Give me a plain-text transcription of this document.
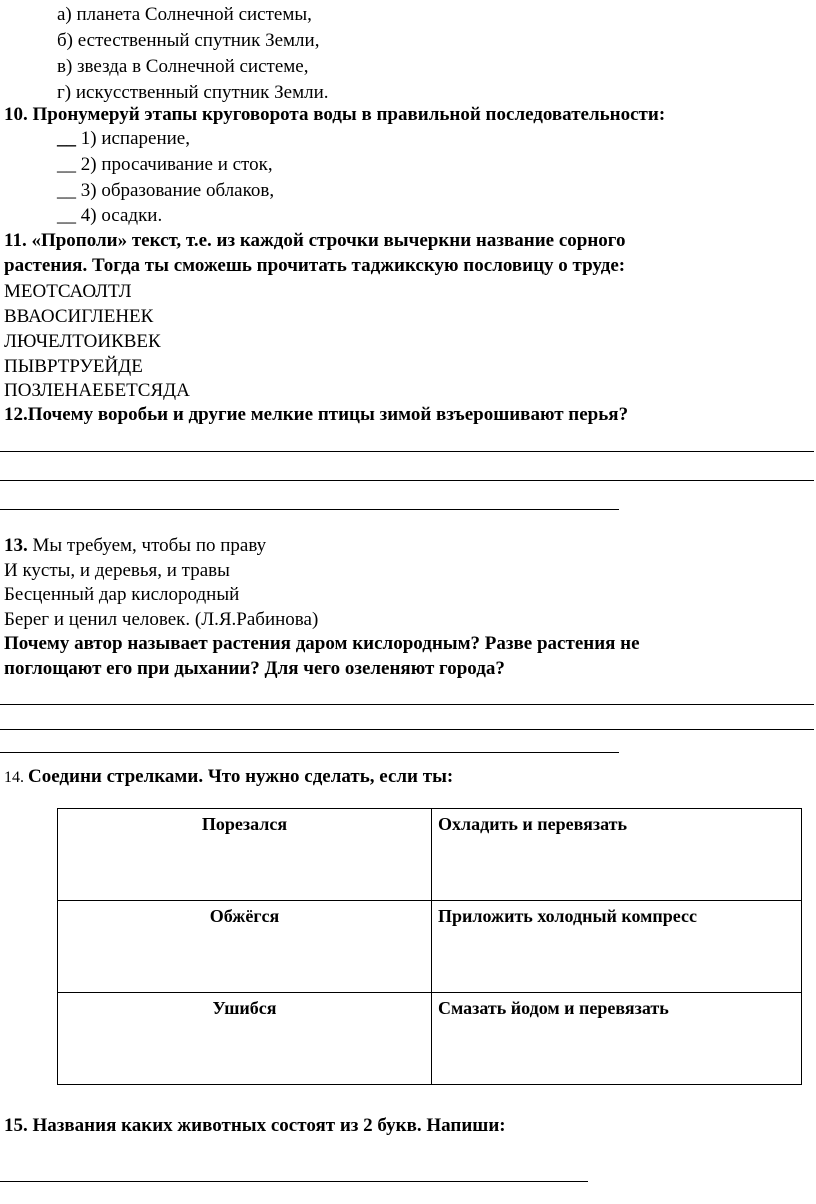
а) планета Солнечной системы,
б) естественный спутник Земли,
в) звезда в Солнечной системе,
г) искусственный спутник Земли.
10. Пронумеруй этапы круговорота воды в правильной последовательности:
__ 1) испарение,
__ 2) просачивание и сток,
__ 3) образование облаков,
__ 4) осадки.
11. «Прополи» текст, т.е. из каждой строчки вычеркни название сорного
растения. Тогда ты сможешь прочитать таджикскую пословицу о труде:
МЕОТСАОЛТЛ
ВВАОСИГЛЕНЕК
ЛЮЧЕЛТОИКВЕК
ПЫВРТРУЕЙДЕ
ПОЗЛЕНАЕБЕТСЯДА
12.Почему воробьи и другие мелкие птицы зимой взъерошивают перья?
13. Мы требуем, чтобы по праву
И кусты, и деревья, и травы
Бесценный дар кислородный
Берег и ценил человек. (Л.Я.Рабинова)
Почему автор называет растения даром кислородным? Разве растения не
поглощают его при дыхании? Для чего озеленяют города?
14. Соедини стрелками. Что нужно сделать, если ты:
Порезался	Охладить и перевязать
Обжёгся	Приложить холодный компресс
Ушибся	Смазать йодом и перевязать
15. Названия каких животных состоят из 2 букв. Напиши:
